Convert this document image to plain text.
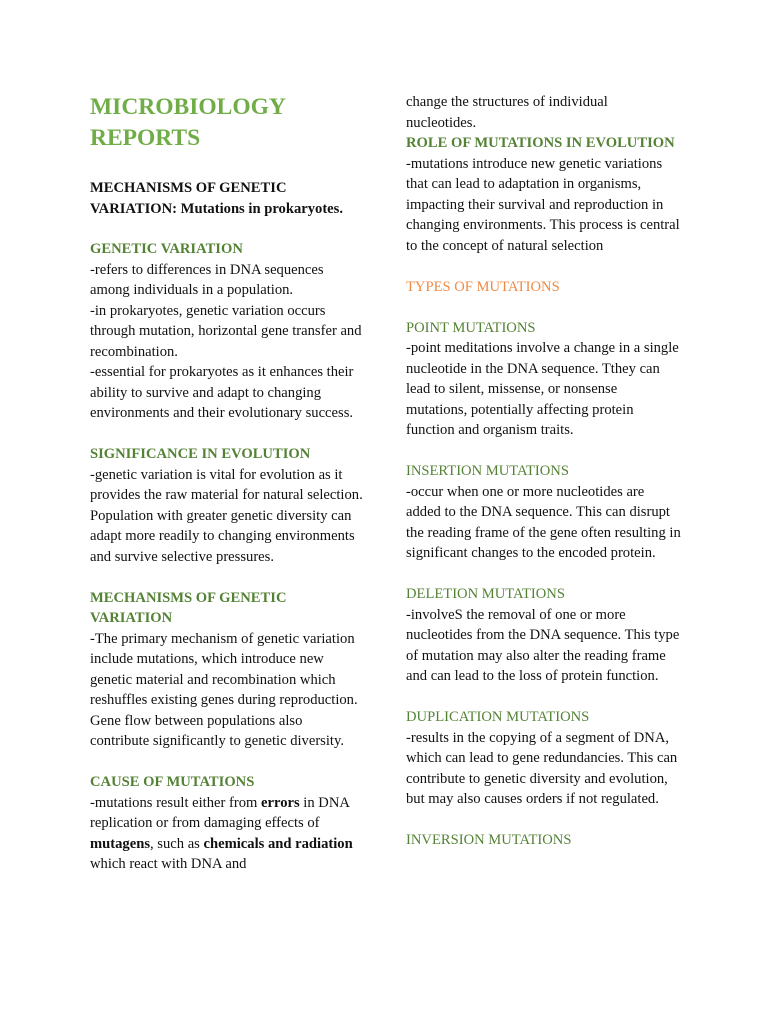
MICROBIOLOGY REPORTS
MECHANISMS OF GENETIC VARIATION: Mutations in prokaryotes.
GENETIC VARIATION

-refers to differences in DNA sequences among individuals in a population.

-in prokaryotes, genetic variation occurs through mutation, horizontal gene transfer and recombination.

-essential for prokaryotes as it enhances their ability to survive and adapt to changing environments and their evolutionary success.

SIGNIFICANCE IN EVOLUTION

-genetic variation is vital for evolution as it provides the raw material for natural selection. Population with greater genetic diversity can adapt more readily to changing environments and survive selective pressures.

MECHANISMS OF GENETIC VARIATION

-The primary mechanism of genetic variation include mutations, which introduce new genetic material and recombination which reshuffles existing genes during reproduction. Gene flow between populations also contribute significantly to genetic diversity.

CAUSE OF MUTATIONS

-mutations result either from errors in DNA replication or from damaging effects of mutagens, such as chemicals and radiation which react with DNA and

change the structures of individual nucleotides.

ROLE OF MUTATIONS IN EVOLUTION

-mutations introduce new genetic variations that can lead to adaptation in organisms, impacting their survival and reproduction in changing environments. This process is central to the concept of natural selection

TYPES OF MUTATIONS
POINT MUTATIONS

-point meditations involve a change in a single nucleotide in the DNA sequence. Tthey can lead to silent, missense, or nonsense mutations, potentially affecting protein function and organism traits.

INSERTION MUTATIONS

-occur when one or more nucleotides are added to the DNA sequence. This can disrupt the reading frame of the gene often resulting in significant changes to the encoded protein.

DELETION MUTATIONS

-involveS the removal of one or more nucleotides from the DNA sequence. This type of mutation may also alter the reading frame and can lead to the loss of protein function.

DUPLICATION MUTATIONS

-results in the copying of a segment of DNA, which can lead to gene redundancies. This can contribute to genetic diversity and evolution, but may also causes orders if not regulated.

INVERSION MUTATIONS
